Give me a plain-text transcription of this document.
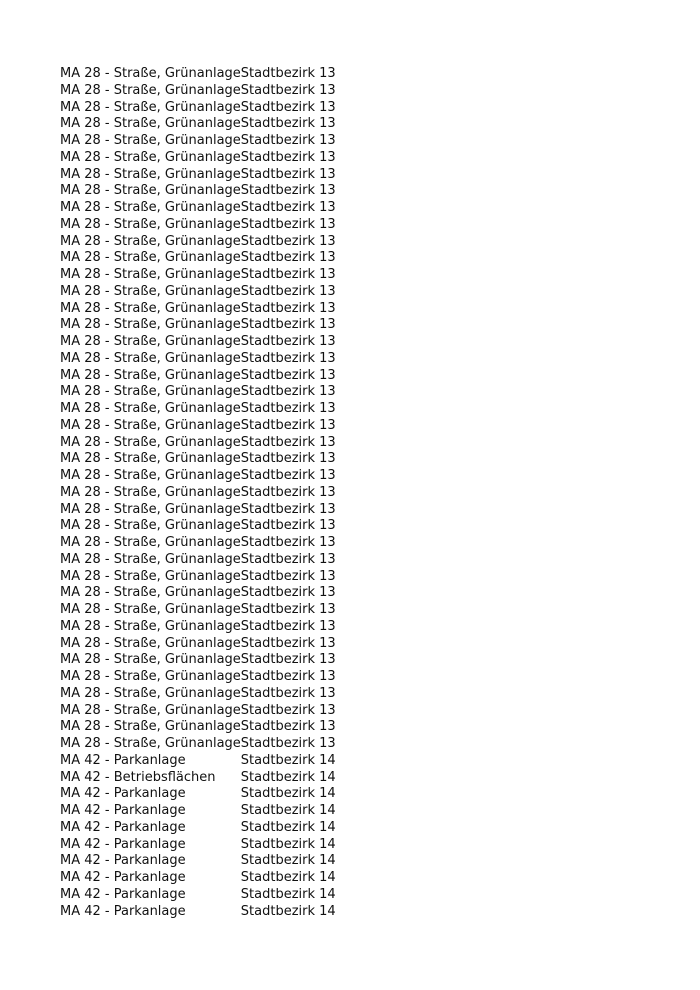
MA 28 - Straße, Grünanlage	Stadtbezirk 13
MA 28 - Straße, Grünanlage	Stadtbezirk 13
MA 28 - Straße, Grünanlage	Stadtbezirk 13
MA 28 - Straße, Grünanlage	Stadtbezirk 13
MA 28 - Straße, Grünanlage	Stadtbezirk 13
MA 28 - Straße, Grünanlage	Stadtbezirk 13
MA 28 - Straße, Grünanlage	Stadtbezirk 13
MA 28 - Straße, Grünanlage	Stadtbezirk 13
MA 28 - Straße, Grünanlage	Stadtbezirk 13
MA 28 - Straße, Grünanlage	Stadtbezirk 13
MA 28 - Straße, Grünanlage	Stadtbezirk 13
MA 28 - Straße, Grünanlage	Stadtbezirk 13
MA 28 - Straße, Grünanlage	Stadtbezirk 13
MA 28 - Straße, Grünanlage	Stadtbezirk 13
MA 28 - Straße, Grünanlage	Stadtbezirk 13
MA 28 - Straße, Grünanlage	Stadtbezirk 13
MA 28 - Straße, Grünanlage	Stadtbezirk 13
MA 28 - Straße, Grünanlage	Stadtbezirk 13
MA 28 - Straße, Grünanlage	Stadtbezirk 13
MA 28 - Straße, Grünanlage	Stadtbezirk 13
MA 28 - Straße, Grünanlage	Stadtbezirk 13
MA 28 - Straße, Grünanlage	Stadtbezirk 13
MA 28 - Straße, Grünanlage	Stadtbezirk 13
MA 28 - Straße, Grünanlage	Stadtbezirk 13
MA 28 - Straße, Grünanlage	Stadtbezirk 13
MA 28 - Straße, Grünanlage	Stadtbezirk 13
MA 28 - Straße, Grünanlage	Stadtbezirk 13
MA 28 - Straße, Grünanlage	Stadtbezirk 13
MA 28 - Straße, Grünanlage	Stadtbezirk 13
MA 28 - Straße, Grünanlage	Stadtbezirk 13
MA 28 - Straße, Grünanlage	Stadtbezirk 13
MA 28 - Straße, Grünanlage	Stadtbezirk 13
MA 28 - Straße, Grünanlage	Stadtbezirk 13
MA 28 - Straße, Grünanlage	Stadtbezirk 13
MA 28 - Straße, Grünanlage	Stadtbezirk 13
MA 28 - Straße, Grünanlage	Stadtbezirk 13
MA 28 - Straße, Grünanlage	Stadtbezirk 13
MA 28 - Straße, Grünanlage	Stadtbezirk 13
MA 28 - Straße, Grünanlage	Stadtbezirk 13
MA 28 - Straße, Grünanlage	Stadtbezirk 13
MA 28 - Straße, Grünanlage	Stadtbezirk 13
MA 42 - Parkanlage	Stadtbezirk 14
MA 42 - Betriebsflächen	Stadtbezirk 14
MA 42 - Parkanlage	Stadtbezirk 14
MA 42 - Parkanlage	Stadtbezirk 14
MA 42 - Parkanlage	Stadtbezirk 14
MA 42 - Parkanlage	Stadtbezirk 14
MA 42 - Parkanlage	Stadtbezirk 14
MA 42 - Parkanlage	Stadtbezirk 14
MA 42 - Parkanlage	Stadtbezirk 14
MA 42 - Parkanlage	Stadtbezirk 14
